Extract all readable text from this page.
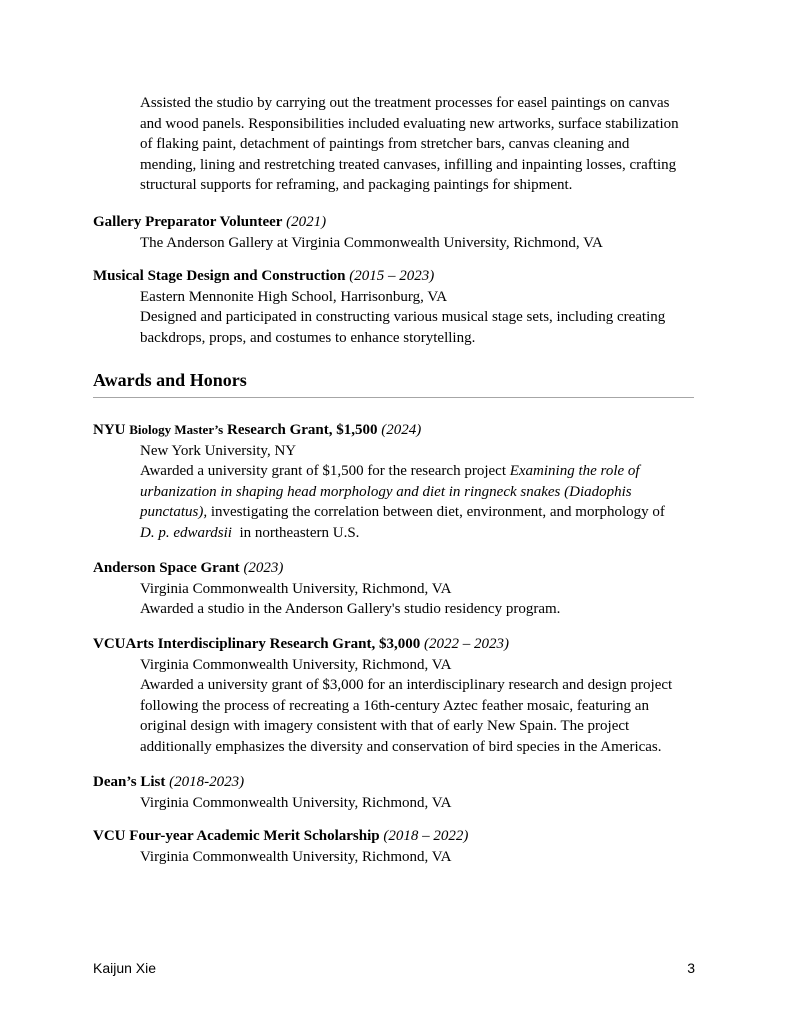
Assisted the studio by carrying out the treatment processes for easel paintings on canvas
and wood panels. Responsibilities included evaluating new artworks, surface stabilization
of flaking paint, detachment of paintings from stretcher bars, canvas cleaning and
mending, lining and restretching treated canvases, infilling and inpainting losses, crafting
structural supports for reframing, and packaging paintings for shipment.
Gallery Preparator Volunteer (2021)
The Anderson Gallery at Virginia Commonwealth University, Richmond, VA
Musical Stage Design and Construction (2015 – 2023)
Eastern Mennonite High School, Harrisonburg, VA
Designed and participated in constructing various musical stage sets, including creating
backdrops, props, and costumes to enhance storytelling.
Awards and Honors
NYU Biology Master’s Research Grant, $1,500 (2024)
New York University, NY
Awarded a university grant of $1,500 for the research project Examining the role of
urbanization in shaping head morphology and diet in ringneck snakes (Diadophis
punctatus), investigating the correlation between diet, environment, and morphology of
D. p. edwardsii  in northeastern U.S.
Anderson Space Grant (2023)
Virginia Commonwealth University, Richmond, VA
Awarded a studio in the Anderson Gallery's studio residency program.
VCUArts Interdisciplinary Research Grant, $3,000 (2022 – 2023)
Virginia Commonwealth University, Richmond, VA
Awarded a university grant of $3,000 for an interdisciplinary research and design project
following the process of recreating a 16th-century Aztec feather mosaic, featuring an
original design with imagery consistent with that of early New Spain. The project
additionally emphasizes the diversity and conservation of bird species in the Americas.
Dean’s List (2018-2023)
Virginia Commonwealth University, Richmond, VA
VCU Four-year Academic Merit Scholarship (2018 – 2022)
Virginia Commonwealth University, Richmond, VA
Kaijun Xie	3
